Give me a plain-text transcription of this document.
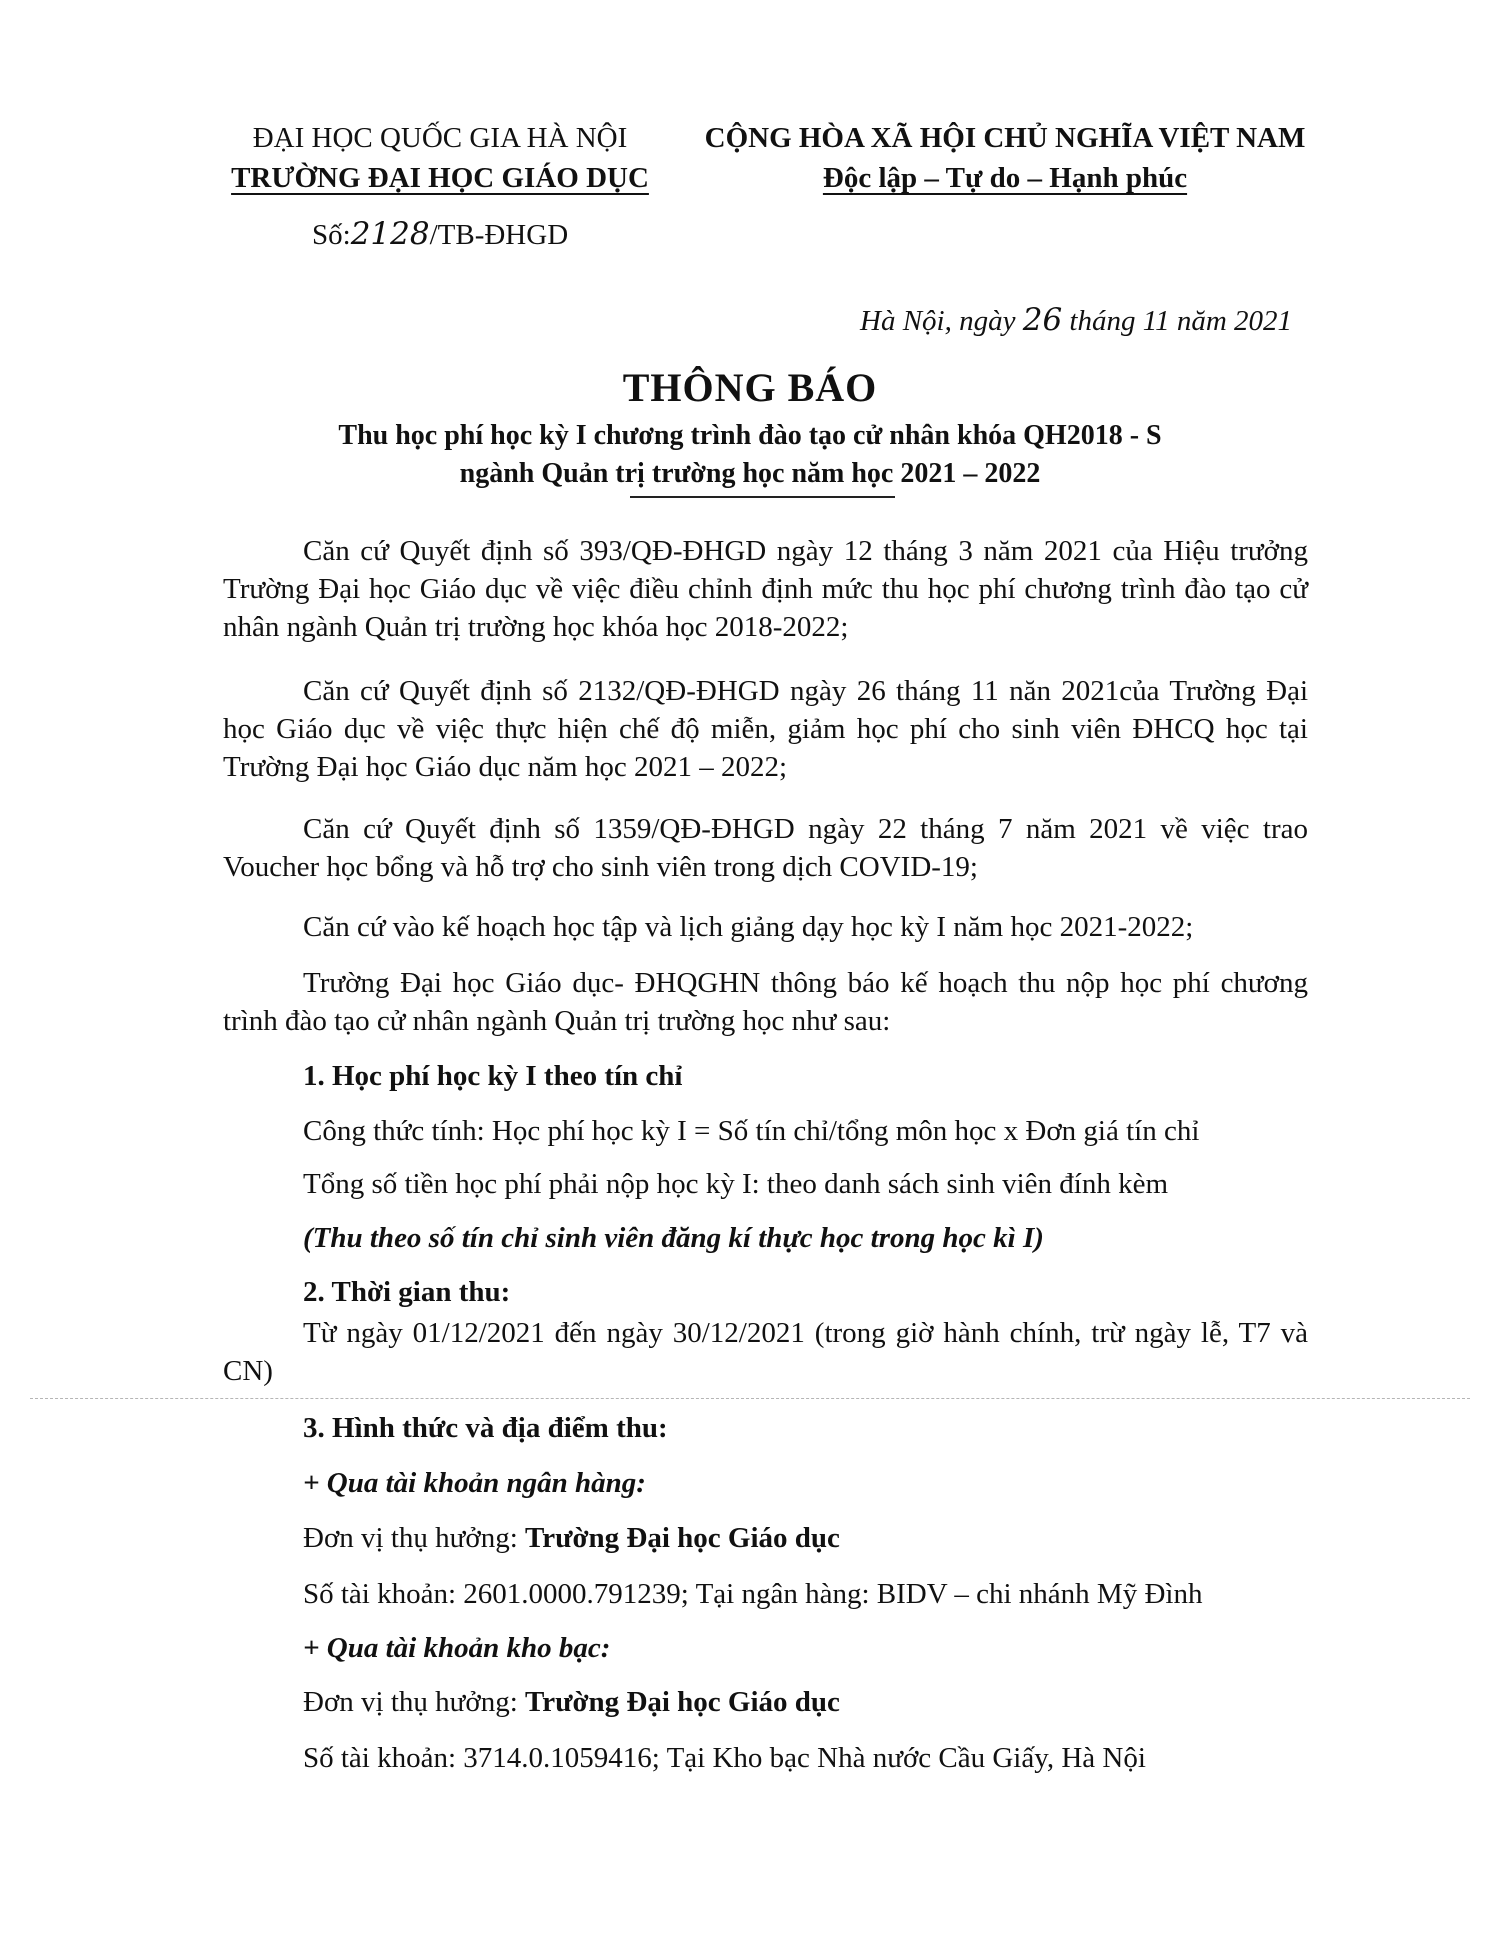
ĐẠI HỌC QUỐC GIA HÀ NỘI
TRƯỜNG ĐẠI HỌC GIÁO DỤC
CỘNG HÒA XÃ HỘI CHỦ NGHĨA VIỆT NAM
Độc lập – Tự do – Hạnh phúc
Số:2128/TB-ĐHGD
Hà Nội, ngày 26 tháng 11 năm 2021
THÔNG BÁO
Thu học phí học kỳ I chương trình đào tạo cử nhân khóa QH2018 - S
ngành Quản trị trường học năm học 2021 – 2022
Căn cứ Quyết định số 393/QĐ-ĐHGD ngày 12 tháng 3 năm 2021 của Hiệu trưởng Trường Đại học Giáo dục về việc điều chỉnh định mức thu học phí chương trình đào tạo cử nhân ngành Quản trị trường học khóa học 2018-2022;
Căn cứ Quyết định số 2132/QĐ-ĐHGD ngày 26 tháng 11 năn 2021của Trường Đại học Giáo dục về việc thực hiện chế độ miễn, giảm học phí cho sinh viên ĐHCQ học tại Trường Đại học Giáo dục năm học 2021 – 2022;
Căn cứ Quyết định số 1359/QĐ-ĐHGD ngày 22 tháng 7 năm 2021 về việc trao Voucher học bổng và hỗ trợ cho sinh viên trong dịch COVID-19;
Căn cứ vào kế hoạch học tập và lịch giảng dạy học kỳ I năm học 2021-2022;
Trường Đại học Giáo dục- ĐHQGHN thông báo kế hoạch thu nộp học phí chương trình đào tạo cử nhân ngành Quản trị trường học như sau:
1. Học phí học kỳ I theo tín chỉ
Công thức tính: Học phí học kỳ I = Số tín chỉ/tổng môn học x Đơn giá tín chỉ
Tổng số tiền học phí phải nộp học kỳ I: theo danh sách sinh viên đính kèm
(Thu theo số tín chỉ sinh viên đăng kí thực học trong học kì I)
2. Thời gian thu:
Từ ngày 01/12/2021 đến ngày 30/12/2021 (trong giờ hành chính, trừ ngày lễ, T7 và CN)
3. Hình thức và địa điểm thu:
+ Qua tài khoản ngân hàng:
Đơn vị thụ hưởng: Trường Đại học Giáo dục
Số tài khoản: 2601.0000.791239; Tại ngân hàng: BIDV – chi nhánh Mỹ Đình
+ Qua tài khoản kho bạc:
Đơn vị thụ hưởng: Trường Đại học Giáo dục
Số tài khoản: 3714.0.1059416; Tại Kho bạc Nhà nước Cầu Giấy, Hà Nội
